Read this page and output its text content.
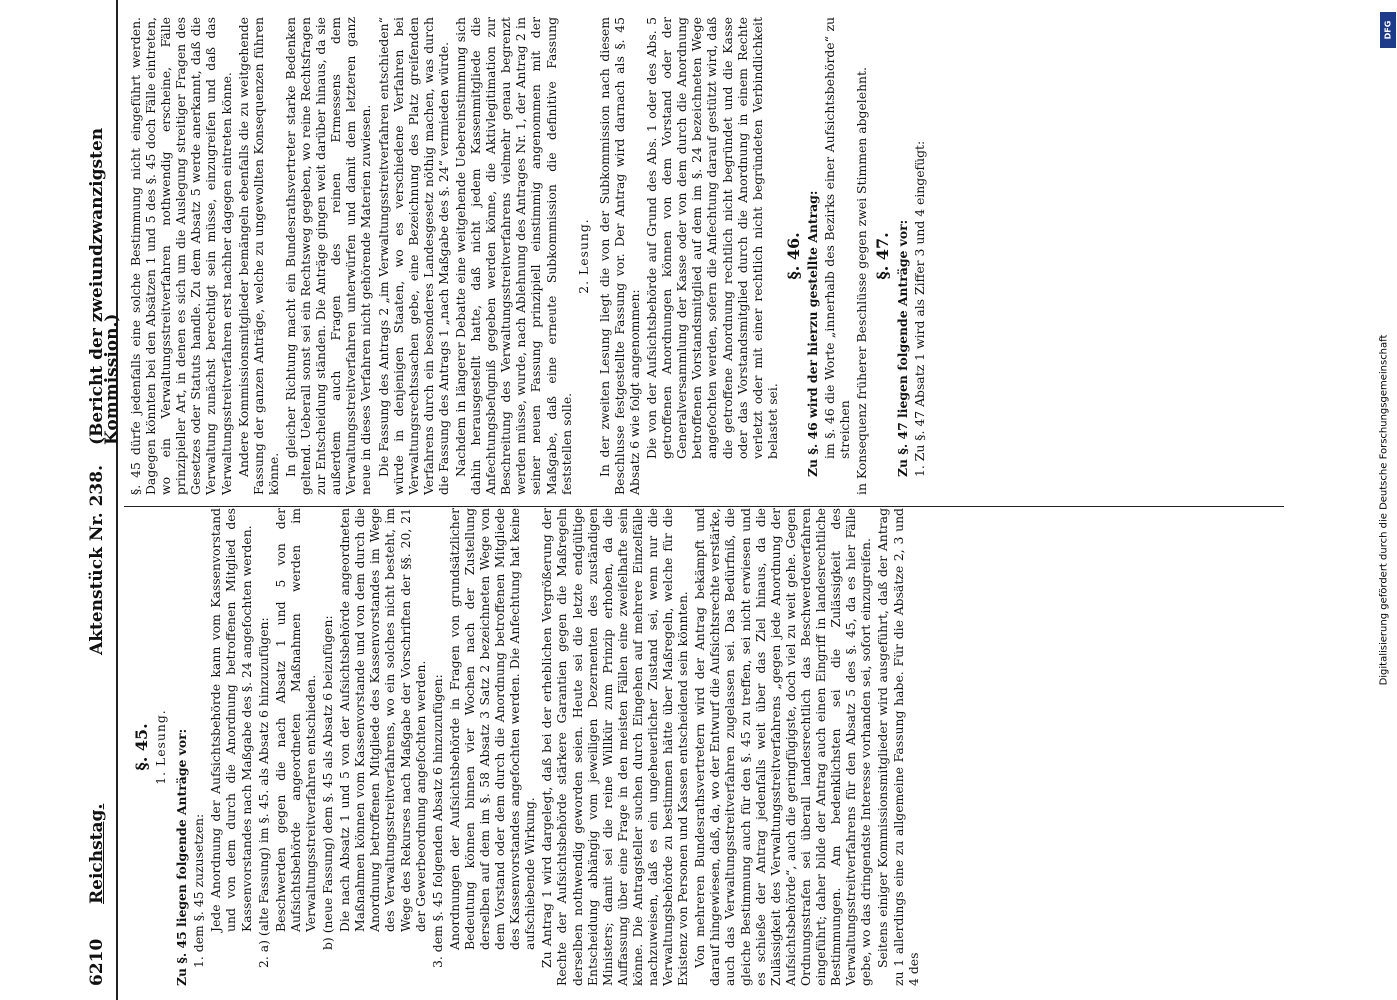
6210
Reichstag.
Aktenstück Nr. 238.
(Bericht der zweiundzwanzigsten Kommission.)
§. 45. 1. Lesung. Zu §. 45 liegen folgende Anträge vor: 1. dem §. 45 zuzusetzen: Jede Anordnung der Aufsichtsbehörde kann vom Kassenvorstand und von dem durch die Anordnung betroffenen Mitglied des Kassenvorstandes nach Maßgabe des §. 24 angefochten werden. 2. a) (alte Fassung) im §. 45. als Absatz 6 hinzuzufügen: Beschwerden gegen die nach Absatz 1 und 5 von der Aufsichtsbehörde angeordneten Maßnahmen werden im Verwaltungsstreitverfahren entschieden. b) (neue Fassung) dem §. 45 als Absatz 6 beizufügen: Die nach Absatz 1 und 5 von der Aufsichtsbehörde angeordneten Maßnahmen können vom Kassenvorstande und von dem durch die Anordnung betroffenen Mitgliede des Kassenvorstandes im Wege des Verwaltungsstreitverfahrens, wo ein solches nicht besteht, im Wege des Rekurses nach Maßgabe der Vorschriften der §§. 20, 21 der Gewerbeordnung angefochten werden. 3. dem §. 45 folgenden Absatz 6 hinzuzufügen: Anordnungen der Aufsichtsbehörde in Fragen von grundsätzlicher Bedeutung können binnen vier Wochen nach der Zustellung derselben auf dem im §. 58 Absatz 3 Satz 2 bezeichneten Wege von dem Vorstand oder dem durch die Anordnung betroffenen Mitgliede des Kassenvorstandes angefochten werden. Die Anfechtung hat keine aufschiebende Wirkung. Zu Antrag 1 wird dargelegt, daß bei der erheblichen Vergrößerung der Rechte der Aufsichtsbehörde stärkere Garantien gegen die Maßregeln derselben nothwendig geworden seien. Heute sei die letzte endgültige Entscheidung abhängig vom jeweiligen Dezernenten des zuständigen Ministers; damit sei die reine Willkür zum Prinzip erhoben, da die Auffassung über eine Frage in den meisten Fällen eine zweifelhafte sein könne. Die Antragsteller suchen durch Eingehen auf mehrere Einzelfälle nachzuweisen, daß es ein ungeheuerlicher Zustand sei, wenn nur die Verwaltungsbehörde zu bestimmen hätte über Maßregeln, welche für die Existenz von Personen und Kassen entscheidend sein könnten. Von mehreren Bundesrathsvertretern wird der Antrag bekämpft und darauf hingewiesen, daß, da, wo der Entwurf die Aufsichtsrechte verstärke, auch das Verwaltungsstreitverfahren zugelassen sei. Das Bedürfniß, die gleiche Bestimmung auch für den §. 45 zu treffen, sei nicht erwiesen und es schieße der Antrag jedenfalls weit über das Ziel hinaus, da die Zulässigkeit des Verwaltungsstreitverfahrens „gegen jede Anordnung der Aufsichtsbehörde“, auch die geringfügigste, doch viel zu weit gehe. Gegen Ordnungsstrafen sei überall landesrechtlich das Beschwerdeverfahren eingeführt; daher bilde der Antrag auch einen Eingriff in landesrechtliche Bestimmungen. Am bedenklichsten sei die Zulässigkeit des Verwaltungsstreitverfahrens für den Absatz 5 des §. 45, da es hier Fälle gebe, wo das dringendste Interesse vorhanden sei, sofort einzugreifen. Seitens einiger Kommissionsmitglieder wird ausgeführt, daß der Antrag zu 1 allerdings eine zu allgemeine Fassung habe. Für die Absätze 2, 3 und 4 des

§. 45 dürfe jedenfalls eine solche Bestimmung nicht eingeführt werden. Dagegen könnten bei den Absätzen 1 und 5 des §. 45 doch Fälle eintreten, wo ein Verwaltungsstreitverfahren nothwendig erscheine, Fälle prinzipieller Art, in denen es sich um die Auslegung streitiger Fragen des Gesetzes oder Statuts handle. Zu dem Absatz 5 werde anerkannt, daß die Verwaltung zunächst berechtigt sein müsse, einzugreifen und daß das Verwaltungsstreitverfahren erst nachher dagegen eintreten könne. Andere Kommissionsmitglieder bemängeln ebenfalls die zu weitgehende Fassung der ganzen Anträge, welche zu ungewollten Konsequenzen führen könne. In gleicher Richtung macht ein Bundesrathsvertreter starke Bedenken geltend. Ueberall sonst sei ein Rechtsweg gegeben, wo reine Rechtsfragen zur Entscheidung ständen. Die Anträge gingen weit darüber hinaus, da sie außerdem auch Fragen des reinen Ermessens dem Verwaltungsstreitverfahren unterwürfen und damit dem letzteren ganz neue in dieses Verfahren nicht gehörende Materien zuwiesen. Die Fassung des Antrags 2 „im Verwaltungsstreitverfahren entschieden“ würde in denjenigen Staaten, wo es verschiedene Verfahren bei Verwaltungsrechtssachen gebe, eine Bezeichnung des Platz greifenden Verfahrens durch ein besonderes Landesgesetz nöthig machen, was durch die Fassung des Antrags 1 „nach Maßgabe des §. 24“ vermieden würde. Nachdem in längerer Debatte eine weitgehende Uebereinstimmung sich dahin herausgestellt hatte, daß nicht jedem Kassenmitgliede die Anfechtungsbefugniß gegeben werden könne, die Aktivlegitimation zur Beschreitung des Verwaltungsstreitverfahrens vielmehr genau begrenzt werden müsse, wurde, nach Ablehnung des Antrages Nr. 1, der Antrag 2 in seiner neuen Fassung prinzipiell einstimmig angenommen mit der Maßgabe, daß eine erneute Subkommission die definitive Fassung feststellen solle.

2. Lesung. In der zweiten Lesung liegt die von der Subkommission nach diesem Beschlusse festgestellte Fassung vor. Der Antrag wird darnach als §. 45 Absatz 6 wie folgt angenommen: Die von der Aufsichtsbehörde auf Grund des Abs. 1 oder des Abs. 5 getroffenen Anordnungen können von dem Vorstand oder der Generalversammlung der Kasse oder von dem durch die Anordnung betroffenen Vorstandsmitglied auf dem im §. 24 bezeichneten Wege angefochten werden, sofern die Anfechtung darauf gestützt wird, daß die getroffene Anordnung rechtlich nicht begründet und die Kasse oder das Vorstandsmitglied durch die Anordnung in einem Rechte verletzt oder mit einer rechtlich nicht begründeten Verbindlichkeit belastet sei.

§. 46. Zu §. 46 wird der hierzu gestellte Antrag: im §. 46 die Worte „innerhalb des Bezirks einer Aufsichtsbehörde“ zu streichen in Konsequenz früherer Beschlüsse gegen zwei Stimmen abgelehnt. §. 47. Zu §. 47 liegen folgende Anträge vor: 1. Zu §. 47 Absatz 1 wird als Ziffer 3 und 4 eingefügt:

Digitalisierung gefördert durch die Deutsche Forschungsgemeinschaft
DFG
